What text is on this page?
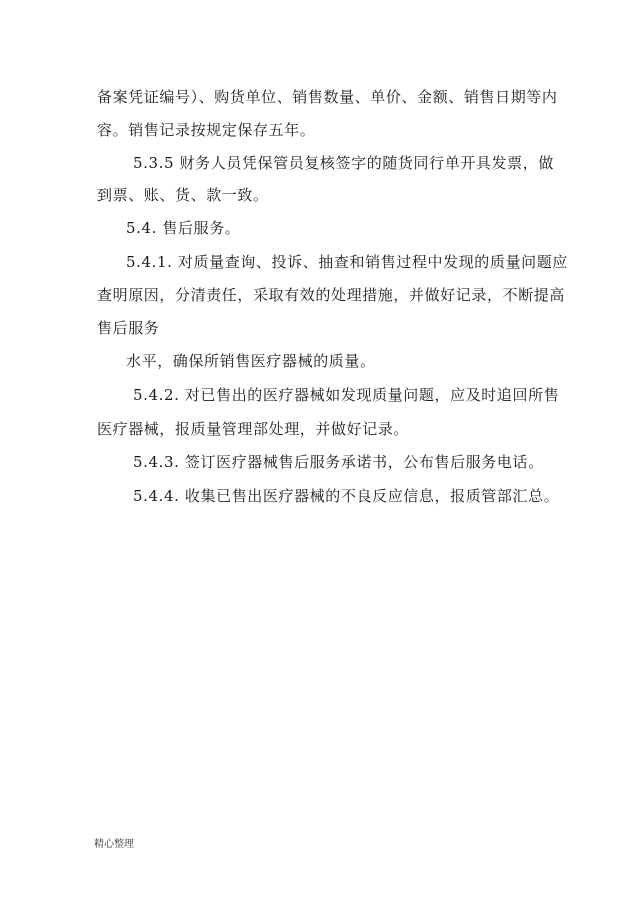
备案凭证编号）、购货单位、销售数量、单价、金额、销售日期等内
容。销售记录按规定保存五年。
5.3.5 财务人员凭保管员复核签字的随货同行单开具发票，做
到票、账、货、款一致。
5.4. 售后服务。
5.4.1. 对质量查询、投诉、抽查和销售过程中发现的质量问题应
查明原因，分清责任，采取有效的处理措施，并做好记录，不断提高
售后服务
水平，确保所销售医疗器械的质量。
5.4.2. 对已售出的医疗器械如发现质量问题，应及时追回所售
医疗器械，报质量管理部处理，并做好记录。
5.4.3. 签订医疗器械售后服务承诺书，公布售后服务电话。
5.4.4. 收集已售出医疗器械的不良反应信息，报质管部汇总。
精心整理
